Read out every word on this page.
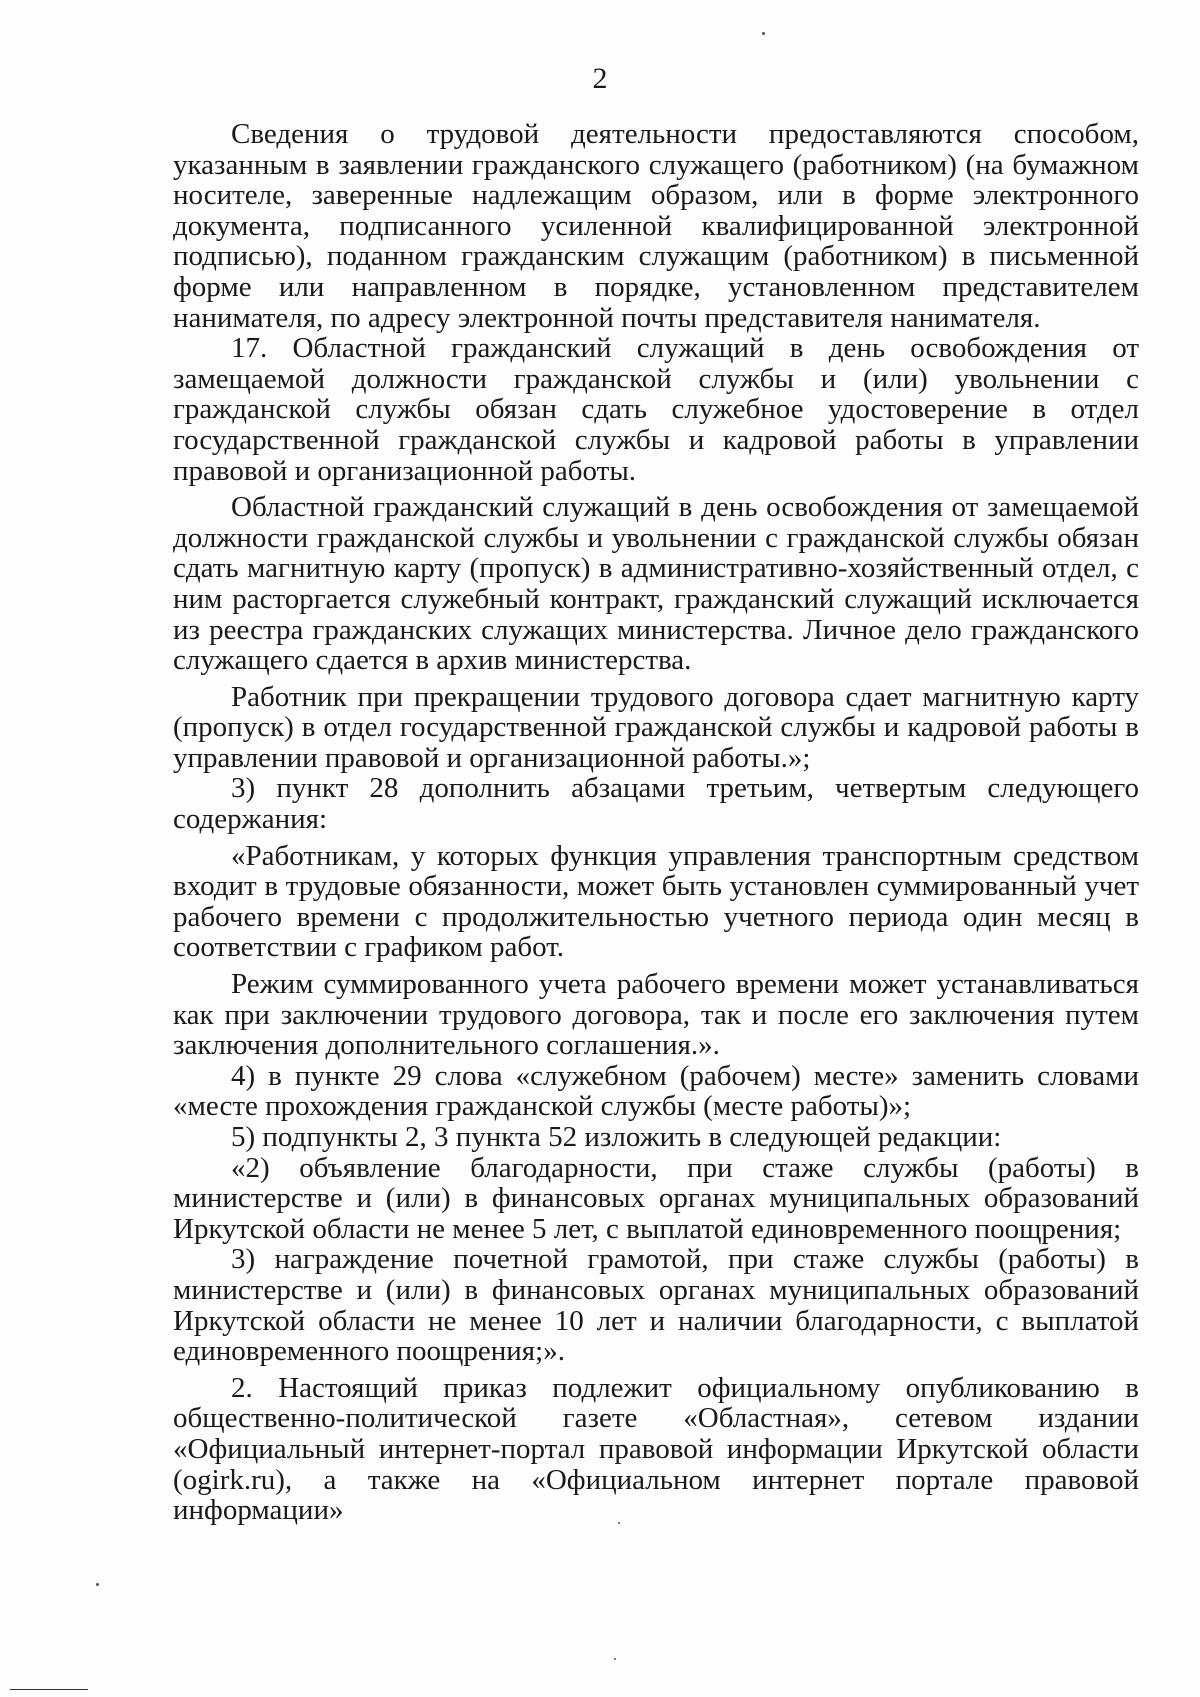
2

Сведения о трудовой деятельности предоставляются способом, указанным в заявлении гражданского служащего (работником) (на бумажном носителе, заверенные надлежащим образом, или в форме электронного документа, подписанного усиленной квалифицированной электронной подписью), поданном гражданским служащим (работником) в письменной форме или направленном в порядке, установленном представителем нанимателя, по адресу электронной почты представителя нанимателя.

17. Областной гражданский служащий в день освобождения от замещаемой должности гражданской службы и (или) увольнении с гражданской службы обязан сдать служебное удостоверение в отдел государственной гражданской службы и кадровой работы в управлении правовой и организационной работы.

Областной гражданский служащий в день освобождения от замещаемой должности гражданской службы и увольнении с гражданской службы обязан сдать магнитную карту (пропуск) в административно-хозяйственный отдел, с ним расторгается служебный контракт, гражданский служащий исключается из реестра гражданских служащих министерства. Личное дело гражданского служащего сдается в архив министерства.

Работник при прекращении трудового договора сдает магнитную карту (пропуск) в отдел государственной гражданской службы и кадровой работы в управлении правовой и организационной работы.»;

3) пункт 28 дополнить абзацами третьим, четвертым следующего содержания:

«Работникам, у которых функция управления транспортным средством входит в трудовые обязанности, может быть установлен суммированный учет рабочего времени с продолжительностью учетного периода один месяц в соответствии с графиком работ.

Режим суммированного учета рабочего времени может устанавливаться как при заключении трудового договора, так и после его заключения путем заключения дополнительного соглашения.».

4) в пункте 29 слова «служебном (рабочем) месте» заменить словами «месте прохождения гражданской службы (месте работы)»;

5) подпункты 2, 3 пункта 52 изложить в следующей редакции:

«2) объявление благодарности, при стаже службы (работы) в министерстве и (или) в финансовых органах муниципальных образований Иркутской области не менее 5 лет, с выплатой единовременного поощрения;

3) награждение почетной грамотой, при стаже службы (работы) в министерстве и (или) в финансовых органах муниципальных образований Иркутской области не менее 10 лет и наличии благодарности, с выплатой единовременного поощрения;».

2. Настоящий приказ подлежит официальному опубликованию в общественно-политической газете «Областная», сетевом издании «Официальный интернет-портал правовой информации Иркутской области (ogirk.ru), а также на «Официальном интернет портале правовой информации»
